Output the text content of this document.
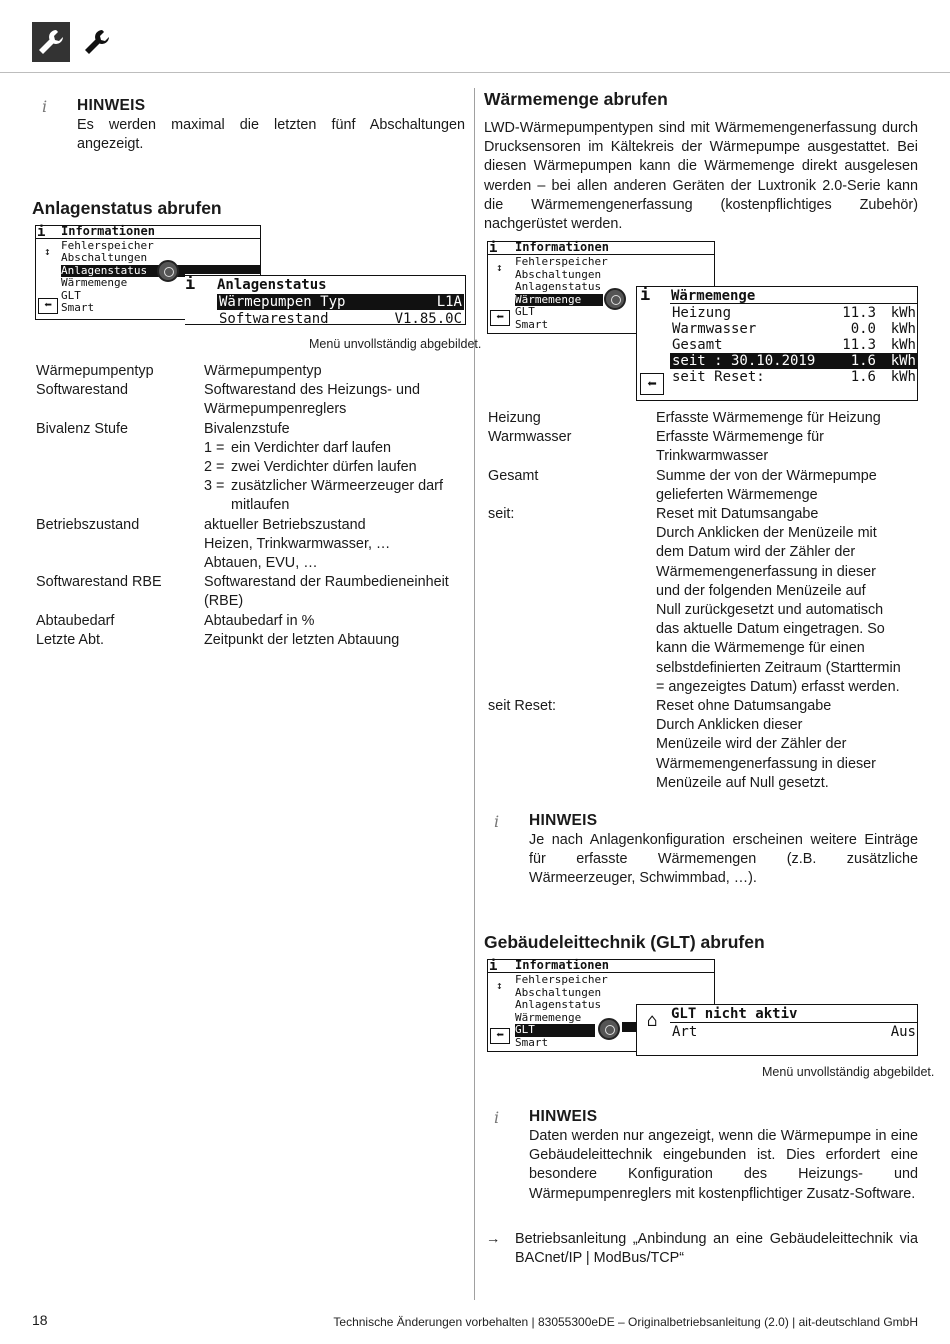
i	HINWEIS
Es werden maximal die letzten fünf Abschaltungen angezeigt.
Anlagenstatus abrufen
i Informationen
↕ Fehlerspeicher
Abschaltungen
Anlagenstatus
Wärmemenge
GLT
Smart
⬅
i Anlagenstatus
Wärmepumpen Typ	L1A
Softwarestand	V1.85.0C
Menü unvollständig abgebildet.
Wärmepumpentyp	Wärmepumpentyp
Softwarestand	Softwarestand des Heizungs- und
Wärmepumpenreglers
Bivalenz Stufe	Bivalenzstufe
1 = ein Verdichter darf laufen
2 = zwei Verdichter dürfen laufen
3 = zusätzlicher Wärmeerzeuger darf mitlaufen
Betriebszustand	aktueller Betriebszustand
Heizen, Trinkwarmwasser, …
Abtauen, EVU, …
Softwarestand RBE	Softwarestand der Raumbedieneinheit
(RBE)
Abtaubedarf	Abtaubedarf in %
Letzte Abt.	Zeitpunkt der letzten Abtauung
Wärmemenge abrufen
LWD-Wärmepumpentypen sind mit Wärmemengenerfassung durch Drucksensoren im Kältekreis der Wärmepumpe ausgestattet. Bei diesen Wärmepumpen kann die Wärmemenge direkt ausgelesen werden – bei allen anderen Geräten der Luxtronik 2.0-Serie kann die Wärmemengenerfassung (kostenpflichtiges Zubehör) nachgerüstet werden.
i Informationen
↕ Fehlerspeicher
Abschaltungen
Anlagenstatus
Wärmemenge
GLT
Smart
⬅
i Wärmemenge
Heizung	11.3 kWh
Warmwasser	0.0 kWh
Gesamt	11.3 kWh
seit : 30.10.2019	1.6 kWh
seit Reset:	1.6 kWh
⬅
Heizung	Erfasste Wärmemenge für Heizung
Warmwasser	Erfasste Wärmemenge für
Trinkwarmwasser
Gesamt	Summe der von der Wärmepumpe
gelieferten Wärmemenge
seit:	Reset mit Datumsangabe
Durch Anklicken der Menüzeile mit
dem Datum wird der Zähler der
Wärmemengenerfassung in dieser
und der folgenden Menüzeile auf
Null zurückgesetzt und automatisch
das aktuelle Datum eingetragen. So
kann die Wärmemenge für einen
selbstdefinierten Zeitraum (Starttermin
= angezeigtes Datum) erfasst werden.
seit Reset:	Reset ohne Datumsangabe
Durch Anklicken dieser
Menüzeile wird der Zähler der
Wärmemengenerfassung in dieser
Menüzeile auf Null gesetzt.
i	HINWEIS
Je nach Anlagenkonfiguration erscheinen weitere Einträge für erfasste Wärmemengen (z.B. zusätzliche Wärmeerzeuger, Schwimmbad, …).
Gebäudeleittechnik (GLT) abrufen
i Informationen
↕ Fehlerspeicher
Abschaltungen
Anlagenstatus
Wärmemenge
GLT
Smart
⬅
⌂ GLT nicht aktiv
Art	Aus
Menü unvollständig abgebildet.
i	HINWEIS
Daten werden nur angezeigt, wenn die Wärmepumpe in eine Gebäudeleittechnik eingebunden ist. Dies erfordert eine besondere Konfiguration des Heizungs- und Wärmepumpenreglers mit kostenpflichtiger Zusatz-Software.
→ Betriebsanleitung „Anbindung an eine Gebäudeleittechnik via BACnet/IP | ModBus/TCP“
18	Technische Änderungen vorbehalten | 83055300eDE – Originalbetriebsanleitung (2.0) | ait-deutschland GmbH
